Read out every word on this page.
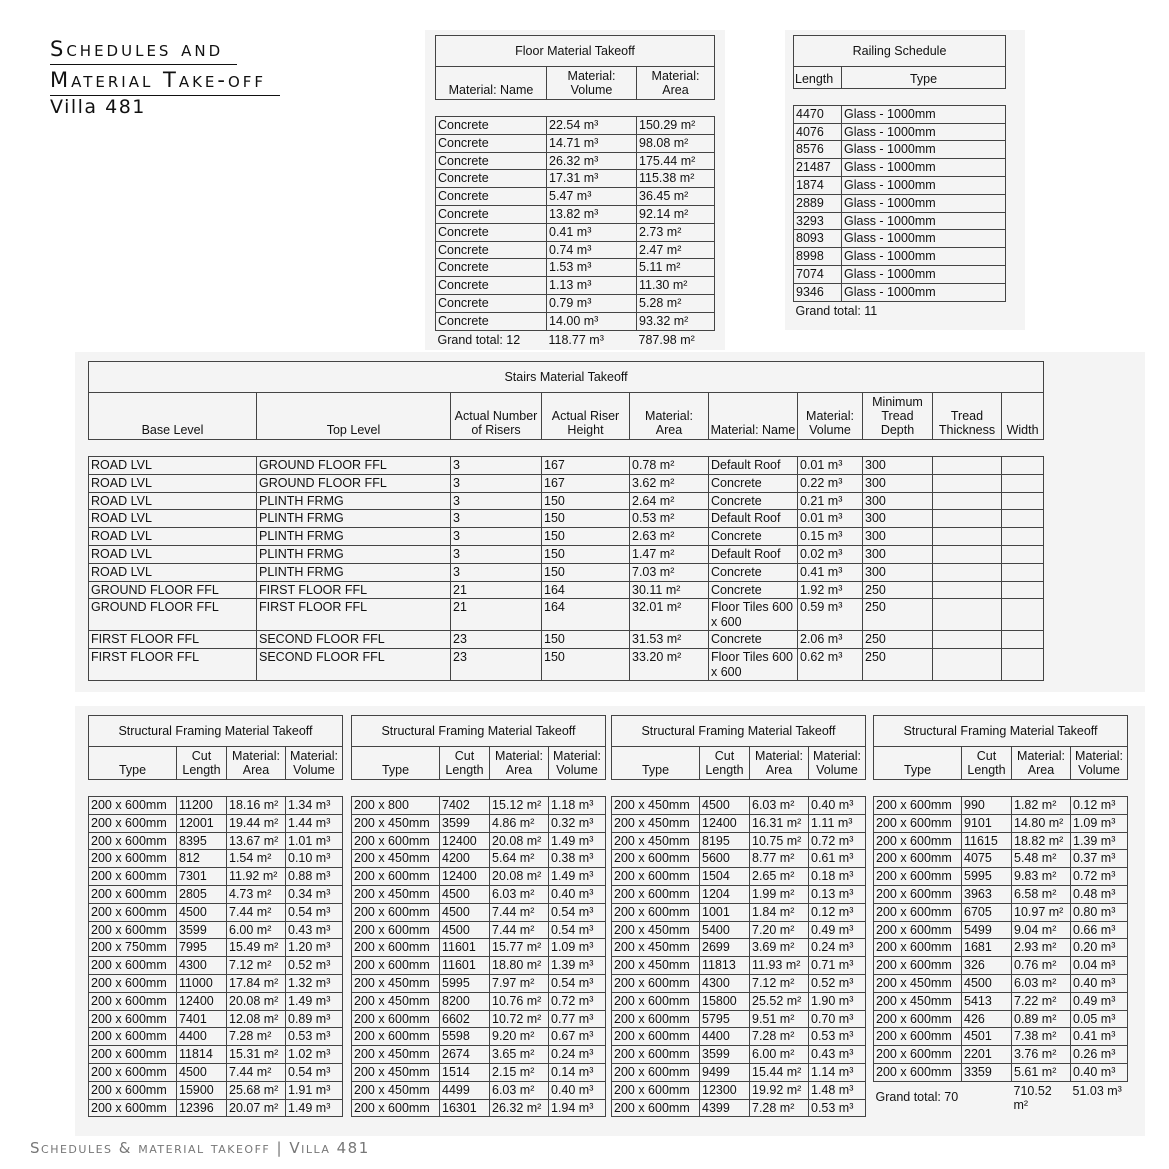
Schedules and
Material Take-off
Villa 481
Floor Material Takeoff		
Material: Name	Material: Volume	Material: Area

Concrete	22.54 m³	150.29 m²
Concrete	14.71 m³	98.08 m²
Concrete	26.32 m³	175.44 m²
Concrete	17.31 m³	115.38 m²
Concrete	5.47 m³	36.45 m²
Concrete	13.82 m³	92.14 m²
Concrete	0.41 m³	2.73 m²
Concrete	0.74 m³	2.47 m²
Concrete	1.53 m³	5.11 m²
Concrete	1.13 m³	11.30 m²
Concrete	0.79 m³	5.28 m²
Concrete	14.00 m³	93.32 m²
Grand total: 12	118.77 m³	787.98 m²
Railing Schedule	
Length	Type

4470	Glass - 1000mm
4076	Glass - 1000mm
8576	Glass - 1000mm
21487	Glass - 1000mm
1874	Glass - 1000mm
2889	Glass - 1000mm
3293	Glass - 1000mm
8093	Glass - 1000mm
8998	Glass - 1000mm
7074	Glass - 1000mm
9346	Glass - 1000mm
Grand total: 11	
Stairs Material Takeoff									
Base Level	Top Level	Actual Number of Risers	Actual Riser Height	Material: Area	Material: Name	Material: Volume	Minimum Tread Depth	Tread Thickness	Width

ROAD LVL	GROUND FLOOR FFL	3	167	0.78 m²	Default Roof	0.01 m³	300		
ROAD LVL	GROUND FLOOR FFL	3	167	3.62 m²	Concrete	0.22 m³	300		
ROAD LVL	PLINTH FRMG	3	150	2.64 m²	Concrete	0.21 m³	300		
ROAD LVL	PLINTH FRMG	3	150	0.53 m²	Default Roof	0.01 m³	300		
ROAD LVL	PLINTH FRMG	3	150	2.63 m²	Concrete	0.15 m³	300		
ROAD LVL	PLINTH FRMG	3	150	1.47 m²	Default Roof	0.02 m³	300		
ROAD LVL	PLINTH FRMG	3	150	7.03 m²	Concrete	0.41 m³	300		
GROUND FLOOR FFL	FIRST FLOOR FFL	21	164	30.11 m²	Concrete	1.92 m³	250		
GROUND FLOOR FFL	FIRST FLOOR FFL	21	164	32.01 m²	Floor Tiles 600 x 600	0.59 m³	250		
FIRST FLOOR FFL	SECOND FLOOR FFL	23	150	31.53 m²	Concrete	2.06 m³	250		
FIRST FLOOR FFL	SECOND FLOOR FFL	23	150	33.20 m²	Floor Tiles 600 x 600	0.62 m³	250		
Structural Framing Material Takeoff			
Type	Cut Length	Material: Area	Material: Volume

200 x 600mm	11200	18.16 m²	1.34 m³
200 x 600mm	12001	19.44 m²	1.44 m³
200 x 600mm	8395	13.67 m²	1.01 m³
200 x 600mm	812	1.54 m²	0.10 m³
200 x 600mm	7301	11.92 m²	0.88 m³
200 x 600mm	2805	4.73 m²	0.34 m³
200 x 600mm	4500	7.44 m²	0.54 m³
200 x 600mm	3599	6.00 m²	0.43 m³
200 x 750mm	7995	15.49 m²	1.20 m³
200 x 600mm	4300	7.12 m²	0.52 m³
200 x 600mm	11000	17.84 m²	1.32 m³
200 x 600mm	12400	20.08 m²	1.49 m³
200 x 600mm	7401	12.08 m²	0.89 m³
200 x 600mm	4400	7.28 m²	0.53 m³
200 x 600mm	11814	15.31 m²	1.02 m³
200 x 600mm	4500	7.44 m²	0.54 m³
200 x 600mm	15900	25.68 m²	1.91 m³
200 x 600mm	12396	20.07 m²	1.49 m³
Structural Framing Material Takeoff			
Type	Cut Length	Material: Area	Material: Volume

200 x 800	7402	15.12 m²	1.18 m³
200 x 450mm	3599	4.86 m²	0.32 m³
200 x 600mm	12400	20.08 m²	1.49 m³
200 x 450mm	4200	5.64 m²	0.38 m³
200 x 600mm	12400	20.08 m²	1.49 m³
200 x 450mm	4500	6.03 m²	0.40 m³
200 x 600mm	4500	7.44 m²	0.54 m³
200 x 600mm	4500	7.44 m²	0.54 m³
200 x 600mm	11601	15.77 m²	1.09 m³
200 x 600mm	11601	18.80 m²	1.39 m³
200 x 450mm	5995	7.97 m²	0.54 m³
200 x 450mm	8200	10.76 m²	0.72 m³
200 x 600mm	6602	10.72 m²	0.77 m³
200 x 600mm	5598	9.20 m²	0.67 m³
200 x 450mm	2674	3.65 m²	0.24 m³
200 x 450mm	1514	2.15 m²	0.14 m³
200 x 450mm	4499	6.03 m²	0.40 m³
200 x 600mm	16301	26.32 m²	1.94 m³
Structural Framing Material Takeoff			
Type	Cut Length	Material: Area	Material: Volume

200 x 450mm	4500	6.03 m²	0.40 m³
200 x 450mm	12400	16.31 m²	1.11 m³
200 x 450mm	8195	10.75 m²	0.72 m³
200 x 600mm	5600	8.77 m²	0.61 m³
200 x 600mm	1504	2.65 m²	0.18 m³
200 x 600mm	1204	1.99 m²	0.13 m³
200 x 600mm	1001	1.84 m²	0.12 m³
200 x 450mm	5400	7.20 m²	0.49 m³
200 x 450mm	2699	3.69 m²	0.24 m³
200 x 450mm	11813	11.93 m²	0.71 m³
200 x 600mm	4300	7.12 m²	0.52 m³
200 x 600mm	15800	25.52 m²	1.90 m³
200 x 600mm	5795	9.51 m²	0.70 m³
200 x 600mm	4400	7.28 m²	0.53 m³
200 x 600mm	3599	6.00 m²	0.43 m³
200 x 600mm	9499	15.44 m²	1.14 m³
200 x 600mm	12300	19.92 m²	1.48 m³
200 x 600mm	4399	7.28 m²	0.53 m³
Structural Framing Material Takeoff			
Type	Cut Length	Material: Area	Material: Volume

200 x 600mm	990	1.82 m²	0.12 m³
200 x 600mm	9101	14.80 m²	1.09 m³
200 x 600mm	11615	18.82 m²	1.39 m³
200 x 600mm	4075	5.48 m²	0.37 m³
200 x 600mm	5995	9.83 m²	0.72 m³
200 x 600mm	3963	6.58 m²	0.48 m³
200 x 600mm	6705	10.97 m²	0.80 m³
200 x 600mm	5499	9.04 m²	0.66 m³
200 x 600mm	1681	2.93 m²	0.20 m³
200 x 600mm	326	0.76 m²	0.04 m³
200 x 450mm	4500	6.03 m²	0.40 m³
200 x 450mm	5413	7.22 m²	0.49 m³
200 x 600mm	426	0.89 m²	0.05 m³
200 x 600mm	4501	7.38 m²	0.41 m³
200 x 600mm	2201	3.76 m²	0.26 m³
200 x 600mm	3359	5.61 m²	0.40 m³
Grand total: 70		710.52 m²	51.03 m³
Schedules & material takeoff | Villa 481
